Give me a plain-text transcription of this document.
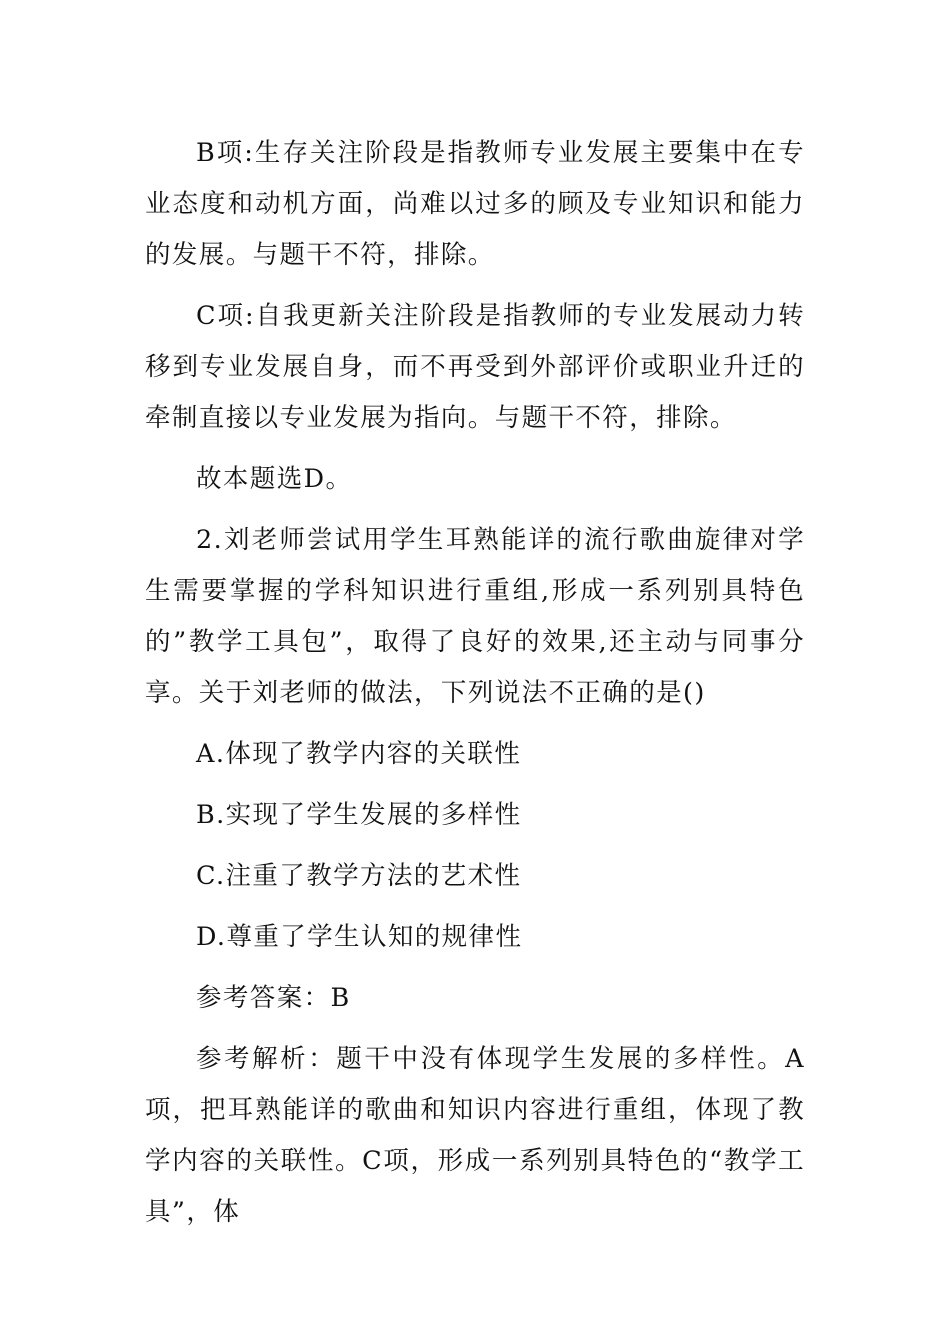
B项:生存关注阶段是指教师专业发展主要集中在专业态度和动机方面，尚难以过多的顾及专业知识和能力的发展。与题干不符，排除。

C项:自我更新关注阶段是指教师的专业发展动力转移到专业发展自身，而不再受到外部评价或职业升迁的牵制直接以专业发展为指向。与题干不符，排除。

故本题选D。

2.刘老师尝试用学生耳熟能详的流行歌曲旋律对学生需要掌握的学科知识进行重组,形成一系列别具特色的”教学工具包”，取得了良好的效果,还主动与同事分享。关于刘老师的做法，下列说法不正确的是()

A.体现了教学内容的关联性

B.实现了学生发展的多样性

C.注重了教学方法的艺术性

D.尊重了学生认知的规律性

参考答案：B

参考解析：题干中没有体现学生发展的多样性。A项，把耳熟能详的歌曲和知识内容进行重组，体现了教学内容的关联性。C项，形成一系列别具特色的“教学工具”，体
